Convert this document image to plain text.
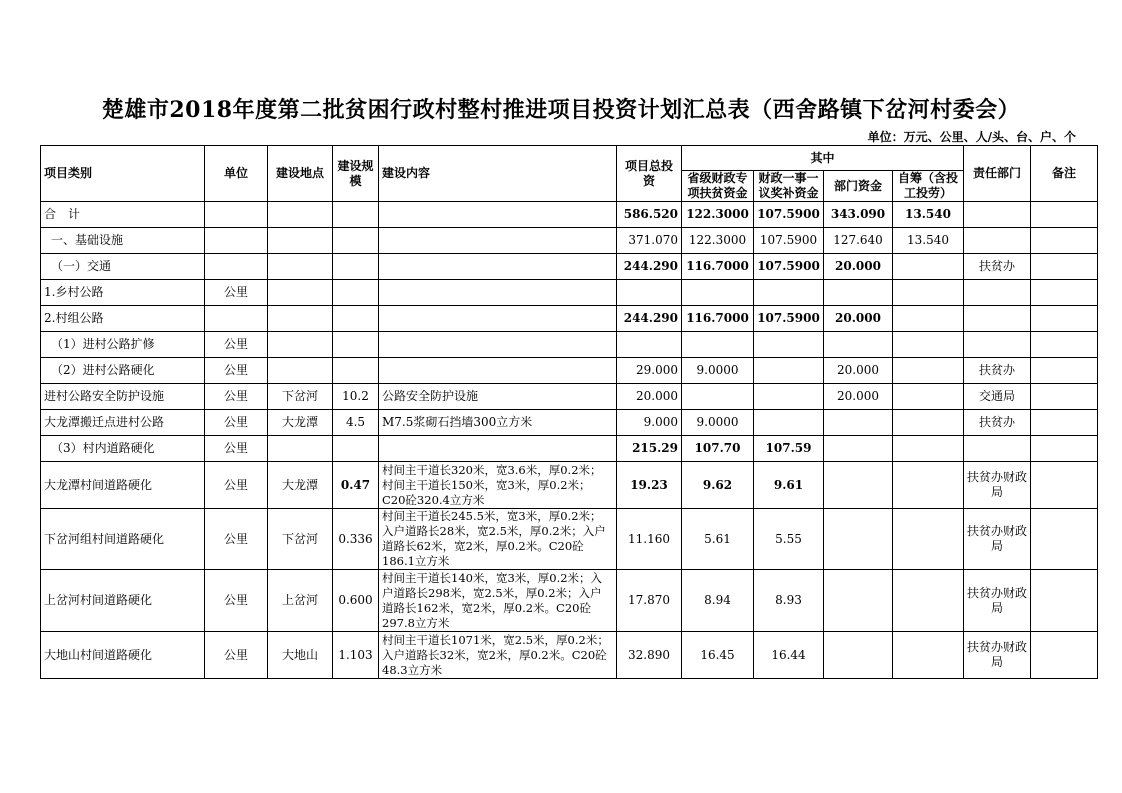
楚雄市2018年度第二批贫困行政村整村推进项目投资计划汇总表（西舍路镇下岔河村委会）
单位：万元、公里、人/头、台、户、个
项目类别	单位	建设地点	建设规模	建设内容	项目总投资	其中				责任部门	备注
						省级财政专项扶贫资金	财政一事一议奖补资金	部门资金	自筹（含投工投劳）		
合　计					586.520	122.3000	107.5900	343.090	13.540		
一、基础设施					371.070	122.3000	107.5900	127.640	13.540		
（一）交通					244.290	116.7000	107.5900	20.000		扶贫办	
1.乡村公路	公里										
2.村组公路					244.290	116.7000	107.5900	20.000			
（1）进村公路扩修	公里										
（2）进村公路硬化	公里				29.000	9.0000		20.000		扶贫办	
进村公路安全防护设施	公里	下岔河	10.2	公路安全防护设施	20.000			20.000		交通局	
大龙潭搬迁点进村公路	公里	大龙潭	4.5	M7.5浆砌石挡墙300立方米	9.000	9.0000				扶贫办	
（3）村内道路硬化	公里				215.29	107.70	107.59				
大龙潭村间道路硬化	公里	大龙潭	0.47	村间主干道长320米，宽3.6米，厚0.2米；村间主干道长150米，宽3米，厚0.2米；C20砼320.4立方米	19.23	9.62	9.61			扶贫办财政局	
下岔河组村间道路硬化	公里	下岔河	0.336	村间主干道长245.5米，宽3米，厚0.2米；入户道路长28米，宽2.5米，厚0.2米；入户道路长62米，宽2米，厚0.2米。C20砼186.1立方米	11.160	5.61	5.55			扶贫办财政局	
上岔河村间道路硬化	公里	上岔河	0.600	村间主干道长140米，宽3米，厚0.2米；入户道路长298米，宽2.5米，厚0.2米；入户道路长162米，宽2米，厚0.2米。C20砼297.8立方米	17.870	8.94	8.93			扶贫办财政局	
大地山村间道路硬化	公里	大地山	1.103	村间主干道长1071米，宽2.5米，厚0.2米；入户道路长32米，宽2米，厚0.2米。C20砼48.3立方米	32.890	16.45	16.44			扶贫办财政局	
